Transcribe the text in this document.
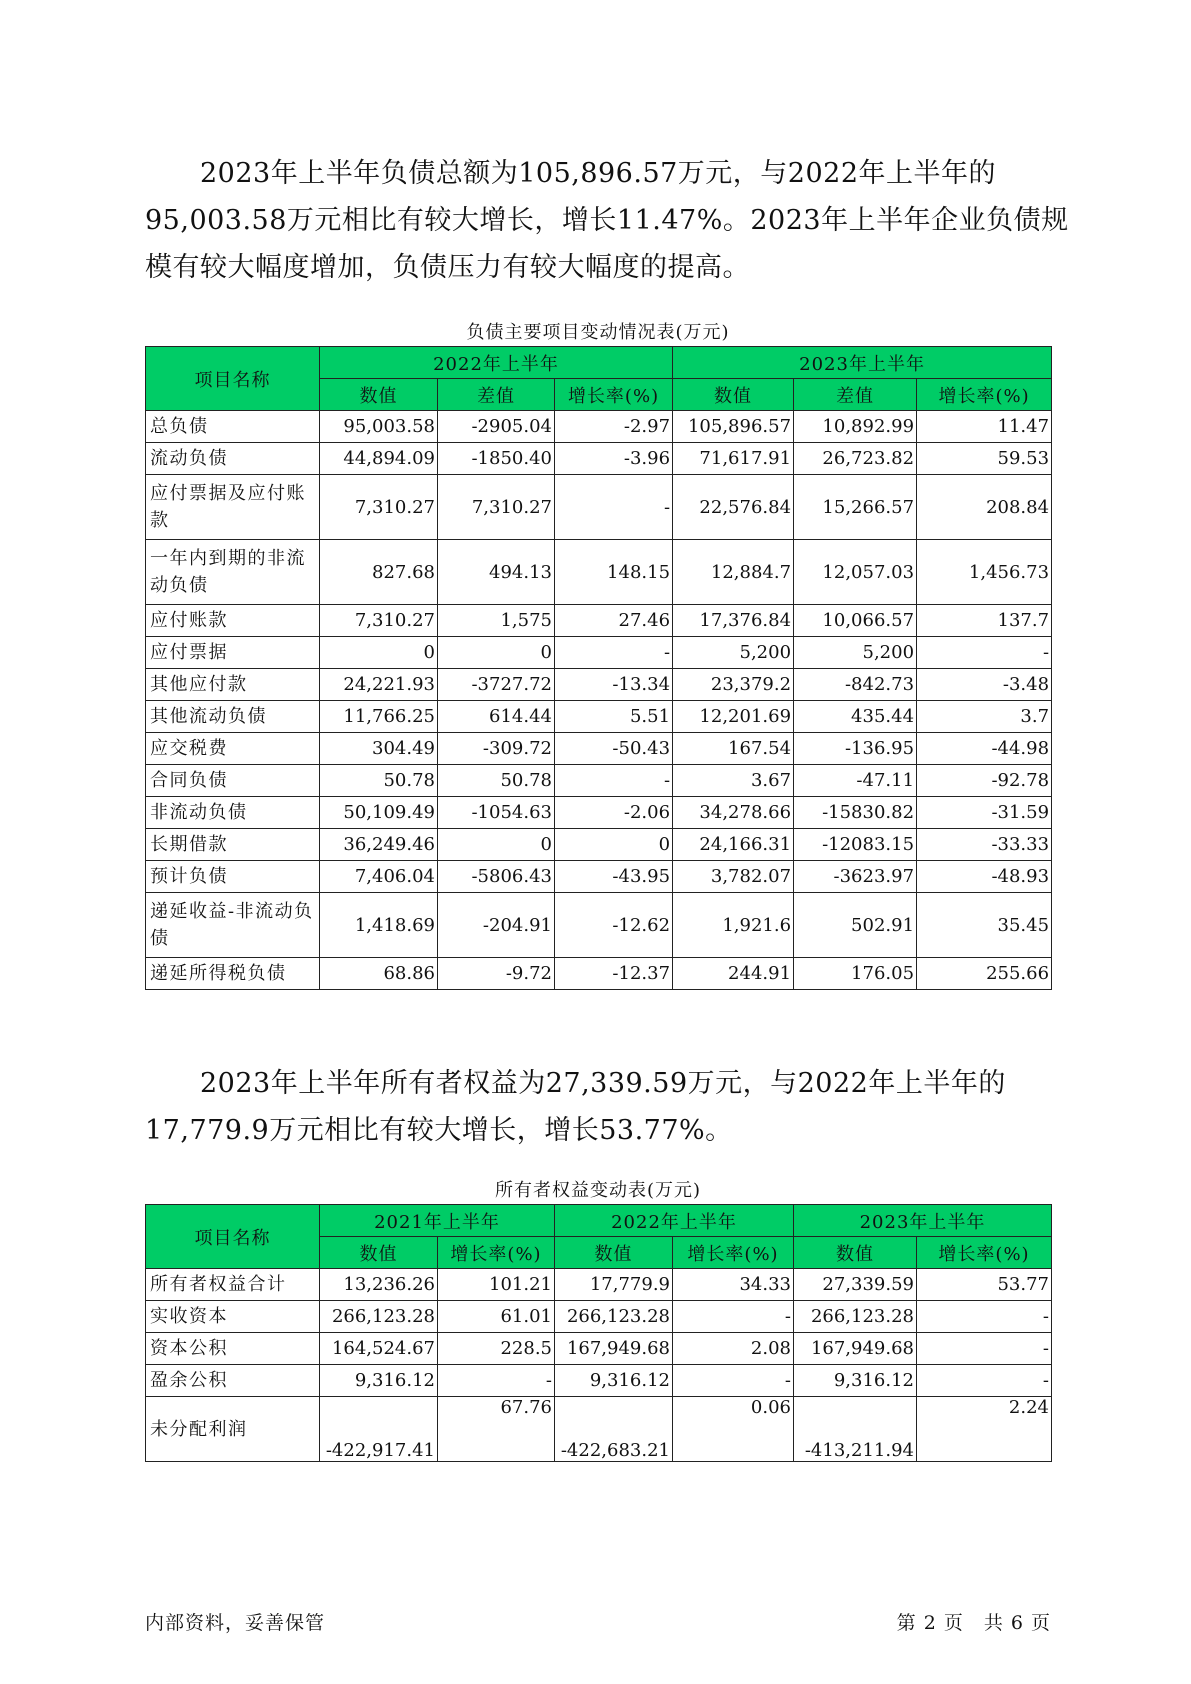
　　2023年上半年负债总额为105,896.57万元，与2022年上半年的95,003.58万元相比有较大增长，增长11.47%。2023年上半年企业负债规模有较大幅度增加，负债压力有较大幅度的提高。

负债主要项目变动情况表(万元)
项目名称	2022年上半年			2023年上半年		
	数值	差值	增长率(%)	数值	差值	增长率(%)
总负债	95,003.58	-2905.04	-2.97	105,896.57	10,892.99	11.47
流动负债	44,894.09	-1850.40	-3.96	71,617.91	26,723.82	59.53
应付票据及应付账款	7,310.27	7,310.27	-	22,576.84	15,266.57	208.84
一年内到期的非流动负债	827.68	494.13	148.15	12,884.7	12,057.03	1,456.73
应付账款	7,310.27	1,575	27.46	17,376.84	10,066.57	137.7
应付票据	0	0	-	5,200	5,200	-
其他应付款	24,221.93	-3727.72	-13.34	23,379.2	-842.73	-3.48
其他流动负债	11,766.25	614.44	5.51	12,201.69	435.44	3.7
应交税费	304.49	-309.72	-50.43	167.54	-136.95	-44.98
合同负债	50.78	50.78	-	3.67	-47.11	-92.78
非流动负债	50,109.49	-1054.63	-2.06	34,278.66	-15830.82	-31.59
长期借款	36,249.46	0	0	24,166.31	-12083.15	-33.33
预计负债	7,406.04	-5806.43	-43.95	3,782.07	-3623.97	-48.93
递延收益-非流动负债	1,418.69	-204.91	-12.62	1,921.6	502.91	35.45
递延所得税负债	68.86	-9.72	-12.37	244.91	176.05	255.66

　　2023年上半年所有者权益为27,339.59万元，与2022年上半年的17,779.9万元相比有较大增长，增长53.77%。

所有者权益变动表(万元)
项目名称	2021年上半年		2022年上半年		2023年上半年	
	数值	增长率(%)	数值	增长率(%)	数值	增长率(%)
所有者权益合计	13,236.26	101.21	17,779.9	34.33	27,339.59	53.77
实收资本	266,123.28	61.01	266,123.28	-	266,123.28	-
资本公积	164,524.67	228.5	167,949.68	2.08	167,949.68	-
盈余公积	9,316.12	-	9,316.12	-	9,316.12	-
未分配利润	-422,917.41	67.76	-422,683.21	0.06	-413,211.94	2.24
内部资料，妥善保管	第 2 页　共 6 页
